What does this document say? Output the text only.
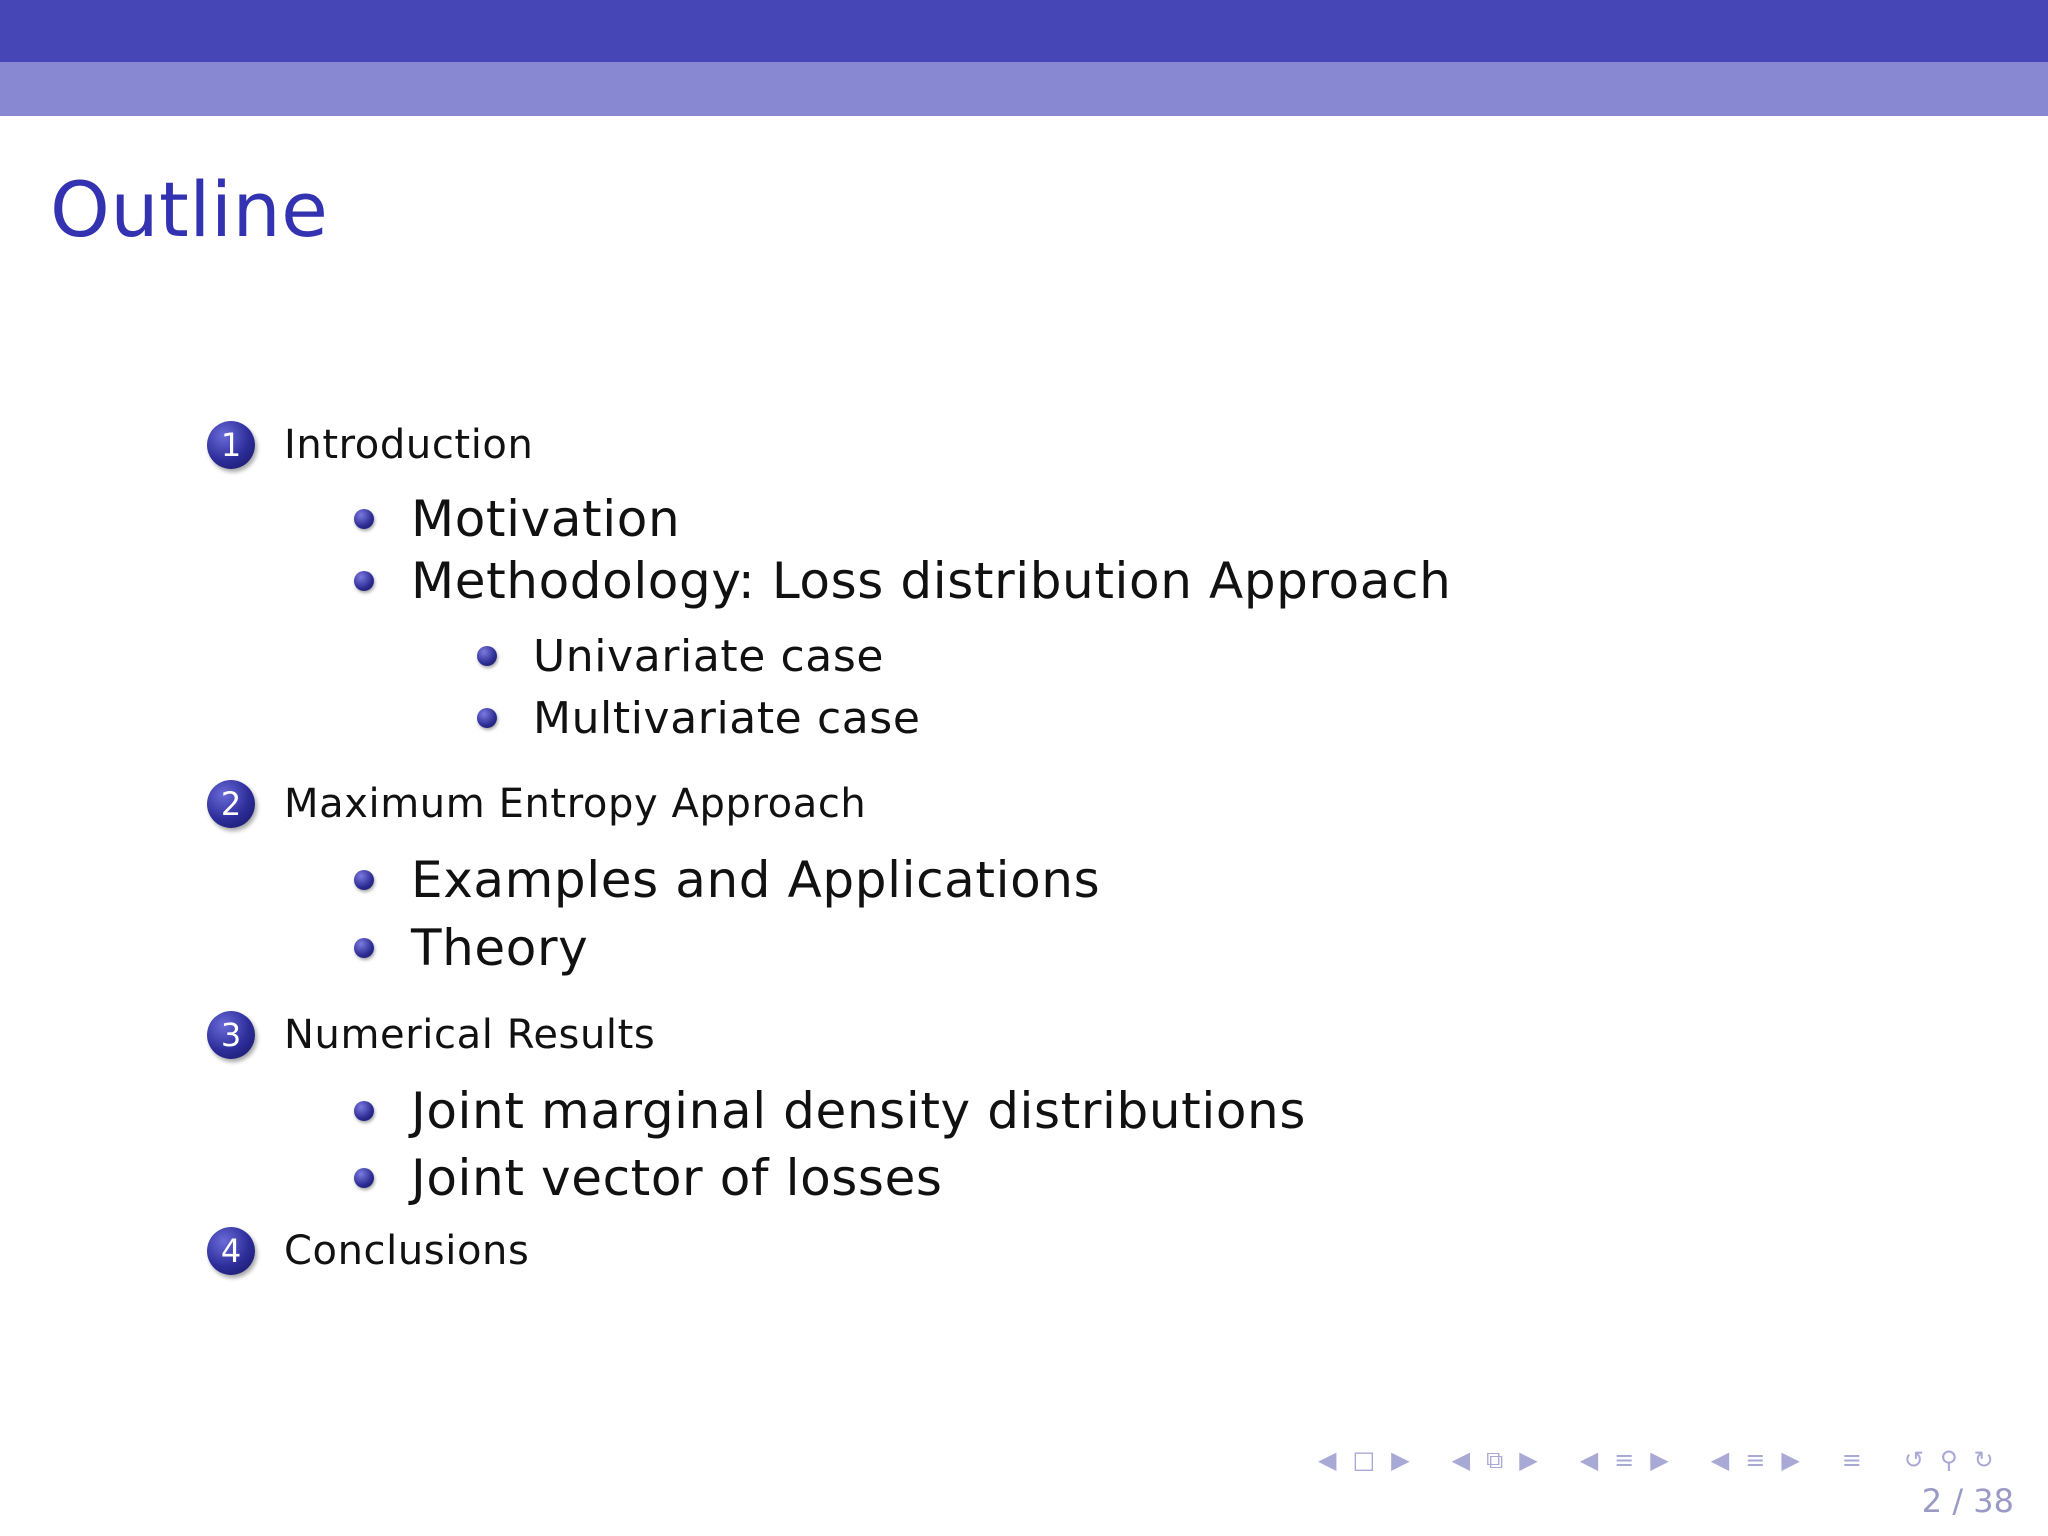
Outline
1	Introduction
Motivation
Methodology: Loss distribution Approach
Univariate case
Multivariate case
2	Maximum Entropy Approach
Examples and Applications
Theory
3	Numerical Results
Joint marginal density distributions
Joint vector of losses
4	Conclusions
◀ □ ▶ ◀ ⧉ ▶ ◀ ≡ ▶ ◀ ≡ ▶ ≡ ↺ ⚲ ↻
2 / 38
